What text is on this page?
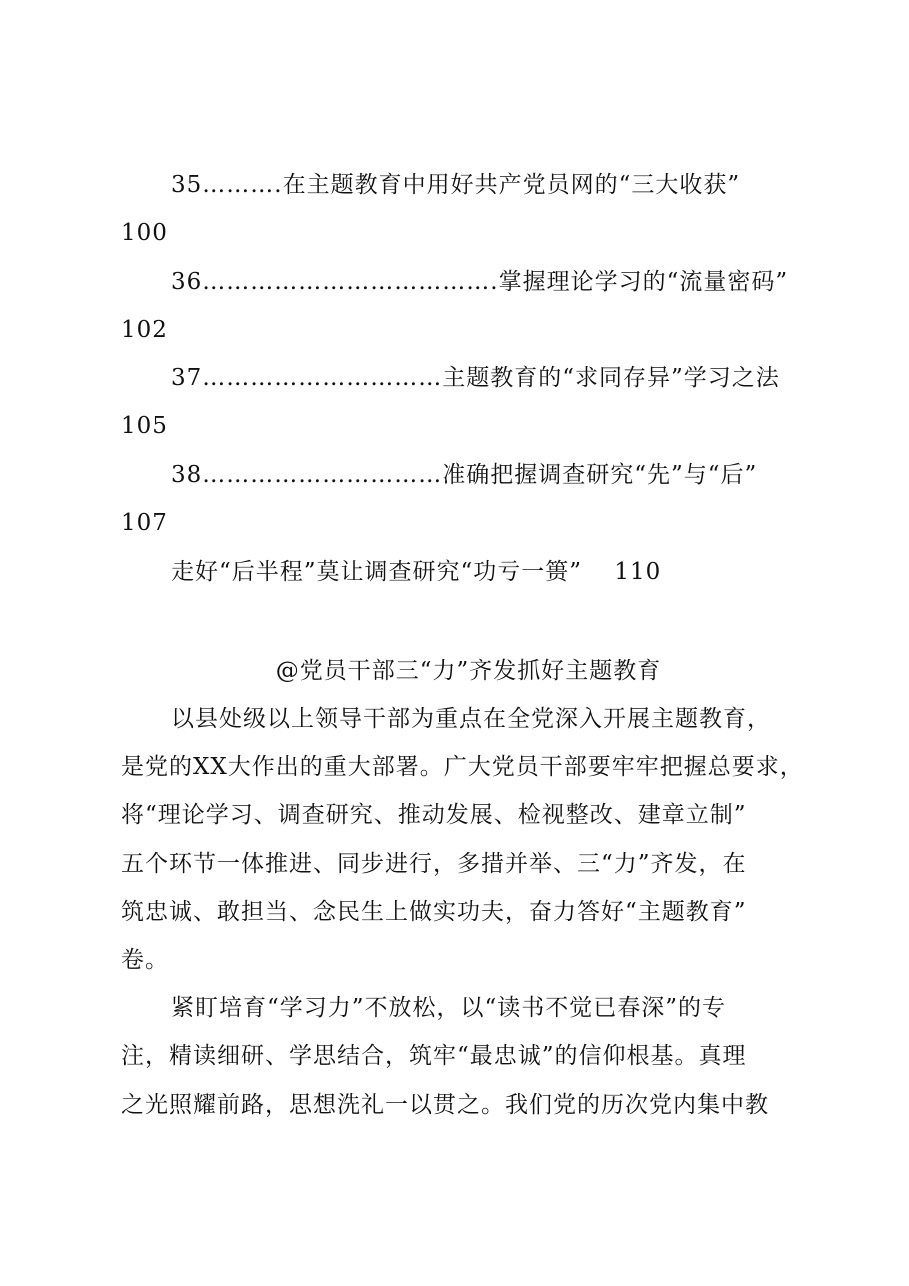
35……….在主题教育中用好共产党员网的“三大收获”
100
36……………………………….掌握理论学习的“流量密码”
102
37…………………………主题教育的“求同存异”学习之法
105
38…………………………准确把握调查研究“先”与“后”
107
走好“后半程”莫让调查研究“功亏一篑”　 110
@党员干部三“力”齐发抓好主题教育
以县处级以上领导干部为重点在全党深入开展主题教育，
是党的XX大作出的重大部署。广大党员干部要牢牢把握总要求，
将“理论学习、调查研究、推动发展、检视整改、建章立制”
五个环节一体推进、同步进行，多措并举、三“力”齐发，在
筑忠诚、敢担当、念民生上做实功夫，奋力答好“主题教育”
卷。
紧盯培育“学习力”不放松，以“读书不觉已春深”的专
注，精读细研、学思结合，筑牢“最忠诚”的信仰根基。真理
之光照耀前路，思想洗礼一以贯之。我们党的历次党内集中教
